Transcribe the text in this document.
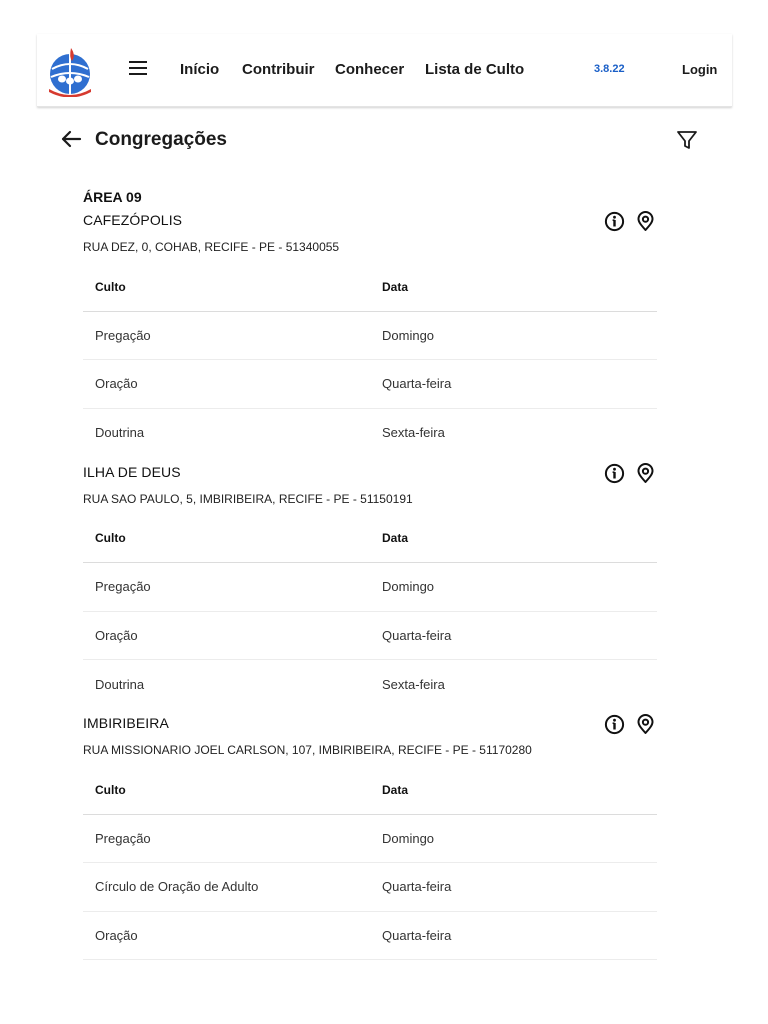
Início Contribuir Conhecer Lista de Culto	3.8.22	Login
Congregações
ÁREA 09
CAFEZÓPOLIS
RUA DEZ, 0, COHAB, RECIFE - PE - 51340055
Culto	Data
Pregação	Domingo
Oração	Quarta-feira
Doutrina	Sexta-feira
ILHA DE DEUS
RUA SAO PAULO, 5, IMBIRIBEIRA, RECIFE - PE - 51150191
Culto	Data
Pregação	Domingo
Oração	Quarta-feira
Doutrina	Sexta-feira
IMBIRIBEIRA
RUA MISSIONARIO JOEL CARLSON, 107, IMBIRIBEIRA, RECIFE - PE - 51170280
Culto	Data
Pregação	Domingo
Círculo de Oração de Adulto	Quarta-feira
Oração	Quarta-feira
